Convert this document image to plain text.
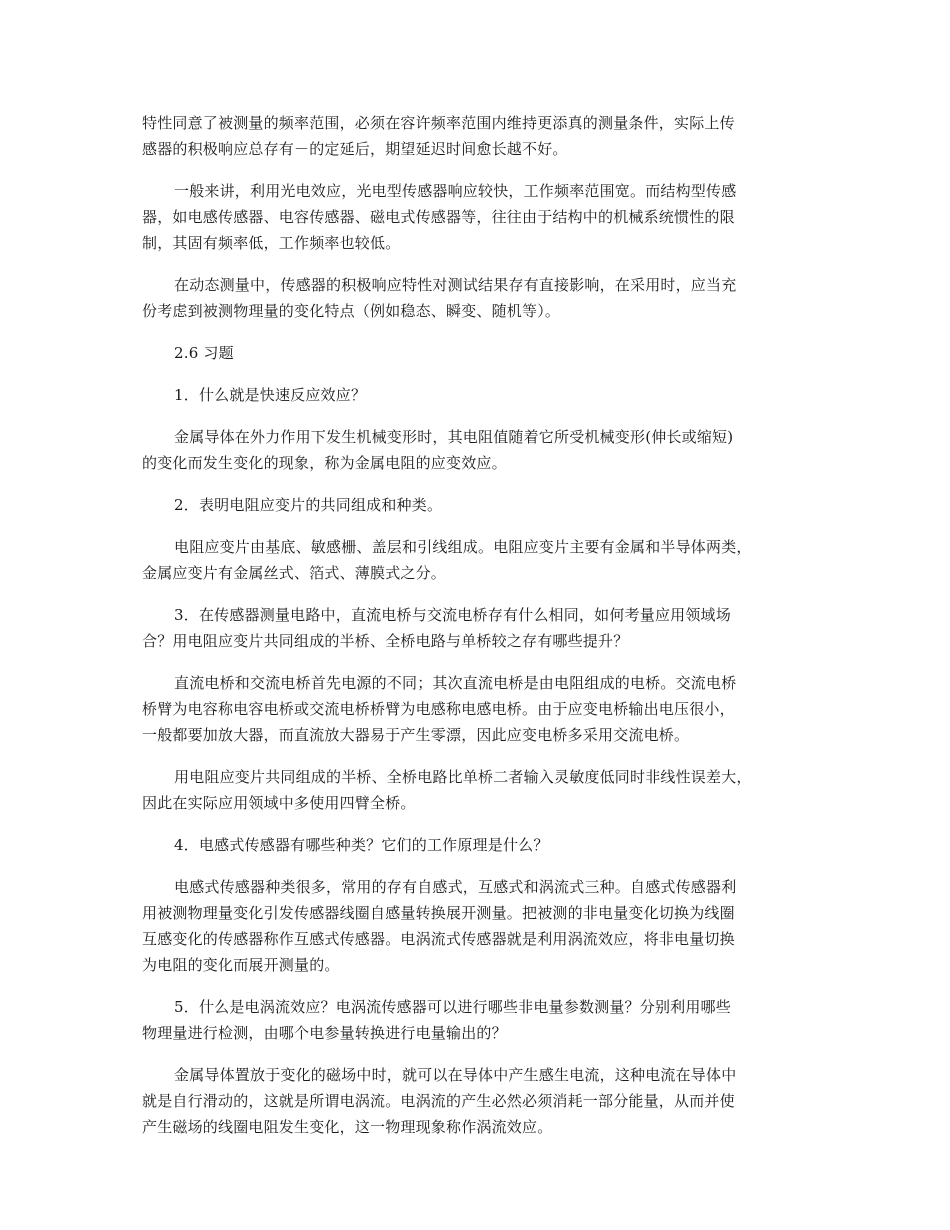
特性同意了被测量的频率范围，必须在容许频率范围内维持更添真的测量条件，实际上传
感器的积极响应总存有－的定延后，期望延迟时间愈长越不好。

一般来讲，利用光电效应，光电型传感器响应较快，工作频率范围宽。而结构型传感
器，如电感传感器、电容传感器、磁电式传感器等，往往由于结构中的机械系统惯性的限
制，其固有频率低，工作频率也较低。

在动态测量中，传感器的积极响应特性对测试结果存有直接影响，在采用时，应当充
份考虑到被测物理量的变化特点（例如稳态、瞬变、随机等）。

2.6 习题

1．什么就是快速反应效应？

金属导体在外力作用下发生机械变形时，其电阻值随着它所受机械变形(伸长或缩短)
的变化而发生变化的现象，称为金属电阻的应变效应。

2．表明电阻应变片的共同组成和种类。

电阻应变片由基底、敏感栅、盖层和引线组成。电阻应变片主要有金属和半导体两类，
金属应变片有金属丝式、箔式、薄膜式之分。

3．在传感器测量电路中，直流电桥与交流电桥存有什么相同，如何考量应用领域场
合？用电阻应变片共同组成的半桥、全桥电路与单桥较之存有哪些提升？

直流电桥和交流电桥首先电源的不同；其次直流电桥是由电阻组成的电桥。交流电桥
桥臂为电容称电容电桥或交流电桥桥臂为电感称电感电桥。由于应变电桥输出电压很小，
一般都要加放大器，而直流放大器易于产生零漂，因此应变电桥多采用交流电桥。

用电阻应变片共同组成的半桥、全桥电路比单桥二者输入灵敏度低同时非线性误差大，
因此在实际应用领域中多使用四臂全桥。

4．电感式传感器有哪些种类？它们的工作原理是什么？

电感式传感器种类很多，常用的存有自感式，互感式和涡流式三种。自感式传感器利
用被测物理量变化引发传感器线圈自感量转换展开测量。把被测的非电量变化切换为线圈
互感变化的传感器称作互感式传感器。电涡流式传感器就是利用涡流效应，将非电量切换
为电阻的变化而展开测量的。

5．什么是电涡流效应？电涡流传感器可以进行哪些非电量参数测量？分别利用哪些
物理量进行检测，由哪个电参量转换进行电量输出的？

金属导体置放于变化的磁场中时，就可以在导体中产生感生电流，这种电流在导体中
就是自行滑动的，这就是所谓电涡流。电涡流的产生必然必须消耗一部分能量，从而并使
产生磁场的线圈电阻发生变化，这一物理现象称作涡流效应。
